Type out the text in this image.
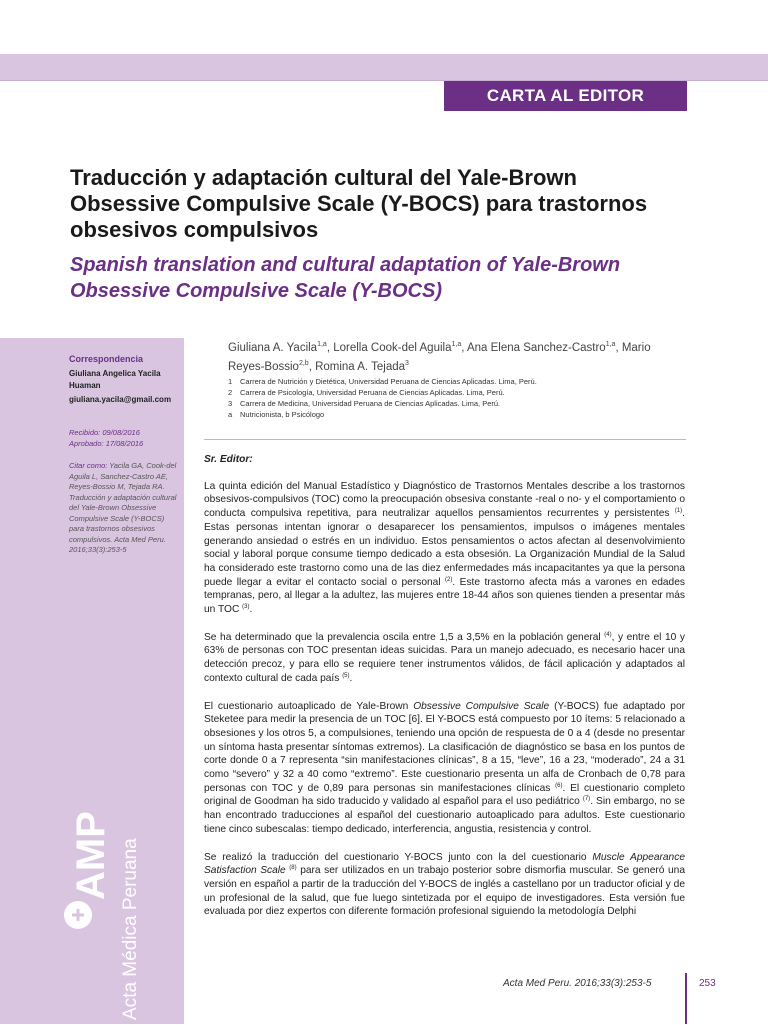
CARTA AL EDITOR
Traducción y adaptación cultural del Yale-Brown Obsessive Compulsive Scale (Y-BOCS) para trastornos obsesivos compulsivos
Spanish translation and cultural adaptation of Yale-Brown Obsessive Compulsive Scale (Y-BOCS)
Correspondencia
Giuliana Angelica Yacila Huaman
giuliana.yacila@gmail.com
Recibido: 09/08/2016
Aprobado: 17/08/2016
Citar como: Yacila GA, Cook-del Aguila L, Sanchez-Castro AE, Reyes-Bossio M, Tejada RA. Traducción y adaptación cultural del Yale-Brown Obsessive Compulsive Scale (Y-BOCS) para trastornos obsesivos compulsivos. Acta Med Peru. 2016;33(3):253-5
AMP Acta Médica Peruana
Giuliana A. Yacila$^{1,a}$, Lorella Cook-del Aguila$^{1,a}$, Ana Elena Sanchez-Castro$^{1,a}$, Mario Reyes-Bossio$^{2,b}$, Romina A. Tejada$^3$
1	Carrera de Nutrición y Dietética, Universidad Peruana de Ciencias Aplicadas. Lima, Perú.
2	Carrera de Psicología, Universidad Peruana de Ciencias Aplicadas. Lima, Perú.
3	Carrera de Medicina, Universidad Peruana de Ciencias Aplicadas. Lima, Perú.
a	Nutricionista, b Psicólogo

Sr. Editor:

La quinta edición del Manual Estadístico y Diagnóstico de Trastornos Mentales describe a los trastornos obsesivos-compulsivos (TOC) como la preocupación obsesiva constante -real o no- y el comportamiento o conducta compulsiva repetitiva, para neutralizar aquellos pensamientos recurrentes y persistentes $^{(1)}$. Estas personas intentan ignorar o desaparecer los pensamientos, impulsos o imágenes mentales generando ansiedad o estrés en un individuo. Estos pensamientos o actos afectan al desenvolvimiento social y laboral porque consume tiempo dedicado a esta obsesión. La Organización Mundial de la Salud ha considerado este trastorno como una de las diez enfermedades más incapacitantes ya que la persona puede llegar a evitar el contacto social o personal $^{(2)}$. Este trastorno afecta más a varones en edades tempranas, pero, al llegar a la adultez, las mujeres entre 18-44 años son quienes tienden a presentar más un TOC $^{(3)}$.

Se ha determinado que la prevalencia oscila entre 1,5 a 3,5% en la población general $^{(4)}$, y entre el 10 y 63% de personas con TOC presentan ideas suicidas. Para un manejo adecuado, es necesario hacer una detección precoz, y para ello se requiere tener instrumentos válidos, de fácil aplicación y adaptados al contexto cultural de cada país $^{(5)}$.

El cuestionario autoaplicado de Yale-Brown Obsessive Compulsive Scale (Y-BOCS) fue adaptado por Steketee para medir la presencia de un TOC [6]. El Y-BOCS está compuesto por 10 ítems: 5 relacionado a obsesiones y los otros 5, a compulsiones, teniendo una opción de respuesta de 0 a 4 (desde no presentar un síntoma hasta presentar síntomas extremos). La clasificación de diagnóstico se basa en los puntos de corte donde 0 a 7 representa “sin manifestaciones clínicas”, 8 a 15, “leve”, 16 a 23, “moderado”, 24 a 31 como “severo” y 32 a 40 como “extremo”. Este cuestionario presenta un alfa de Cronbach de 0,78 para personas con TOC y de 0,89 para personas sin manifestaciones clínicas $^{(6)}$. El cuestionario completo original de Goodman ha sido traducido y validado al español para el uso pediátrico $^{(7)}$. Sin embargo, no se han encontrado traducciones al español del cuestionario autoaplicado para adultos. Este cuestionario tiene cinco subescalas: tiempo dedicado, interferencia, angustia, resistencia y control.

Se realizó la traducción del cuestionario Y-BOCS junto con la del cuestionario Muscle Appearance Satisfaction Scale $^{(8)}$ para ser utilizados en un trabajo posterior sobre dismorfia muscular. Se generó una versión en español a partir de la traducción del Y-BOCS de inglés a castellano por un traductor oficial y de un profesional de la salud, que fue luego sintetizada por el equipo de investigadores. Esta versión fue evaluada por diez expertos con diferente formación profesional siguiendo la metodología Delphi

Acta Med Peru. 2016;33(3):253-5	253
